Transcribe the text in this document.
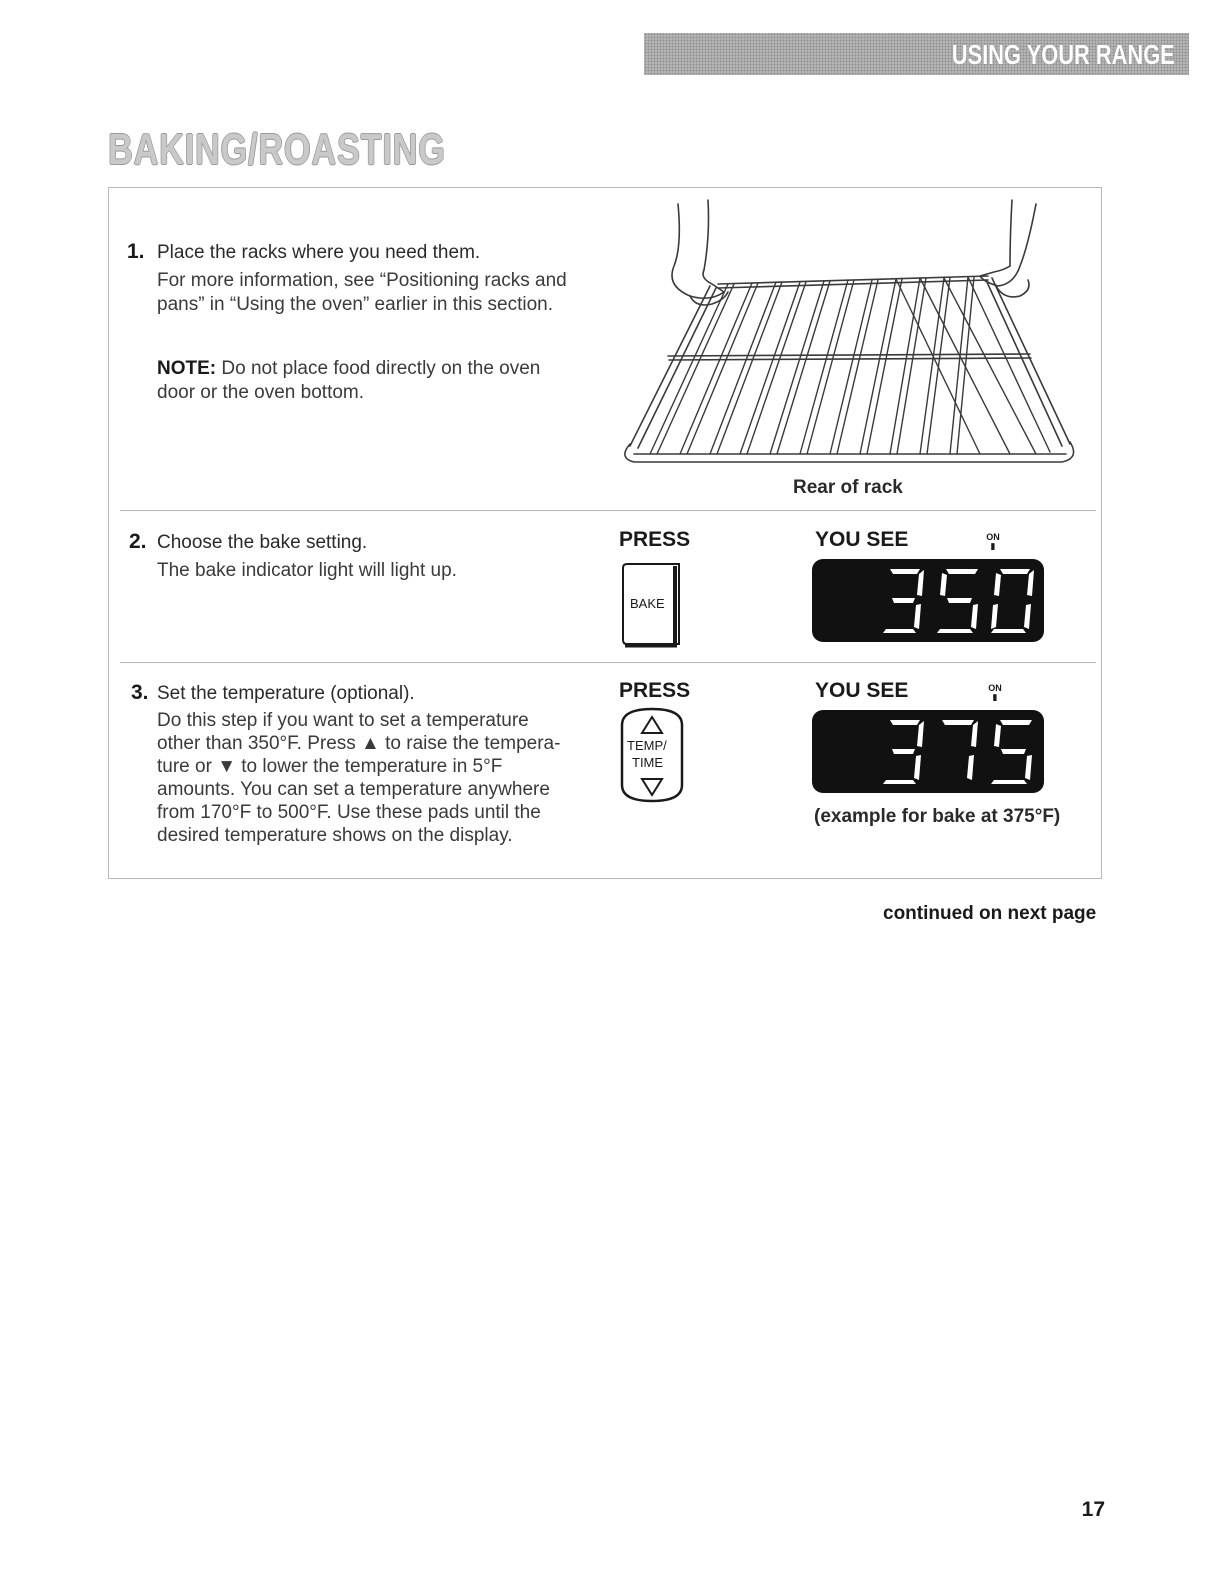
USING YOUR RANGE
BAKING/ROASTING
1. Place the racks where you need them.
For more information, see “Positioning racks and
pans” in “Using the oven” earlier in this section.
NOTE: Do not place food directly on the oven
door or the oven bottom.
Rear of rack
2. Choose the bake setting.
The bake indicator light will light up.
PRESS
BAKE
YOU SEE	ON
▮
3. Set the temperature (optional).
Do this step if you want to set a temperature
other than 350°F. Press ▲ to raise the tempera-
ture or ▼ to lower the temperature in 5°F
amounts. You can set a temperature anywhere
from 170°F to 500°F. Use these pads until the
desired temperature shows on the display.
PRESS
TEMP/
TIME
YOU SEE	ON
▮
(example for bake at 375°F)
continued on next page
17
